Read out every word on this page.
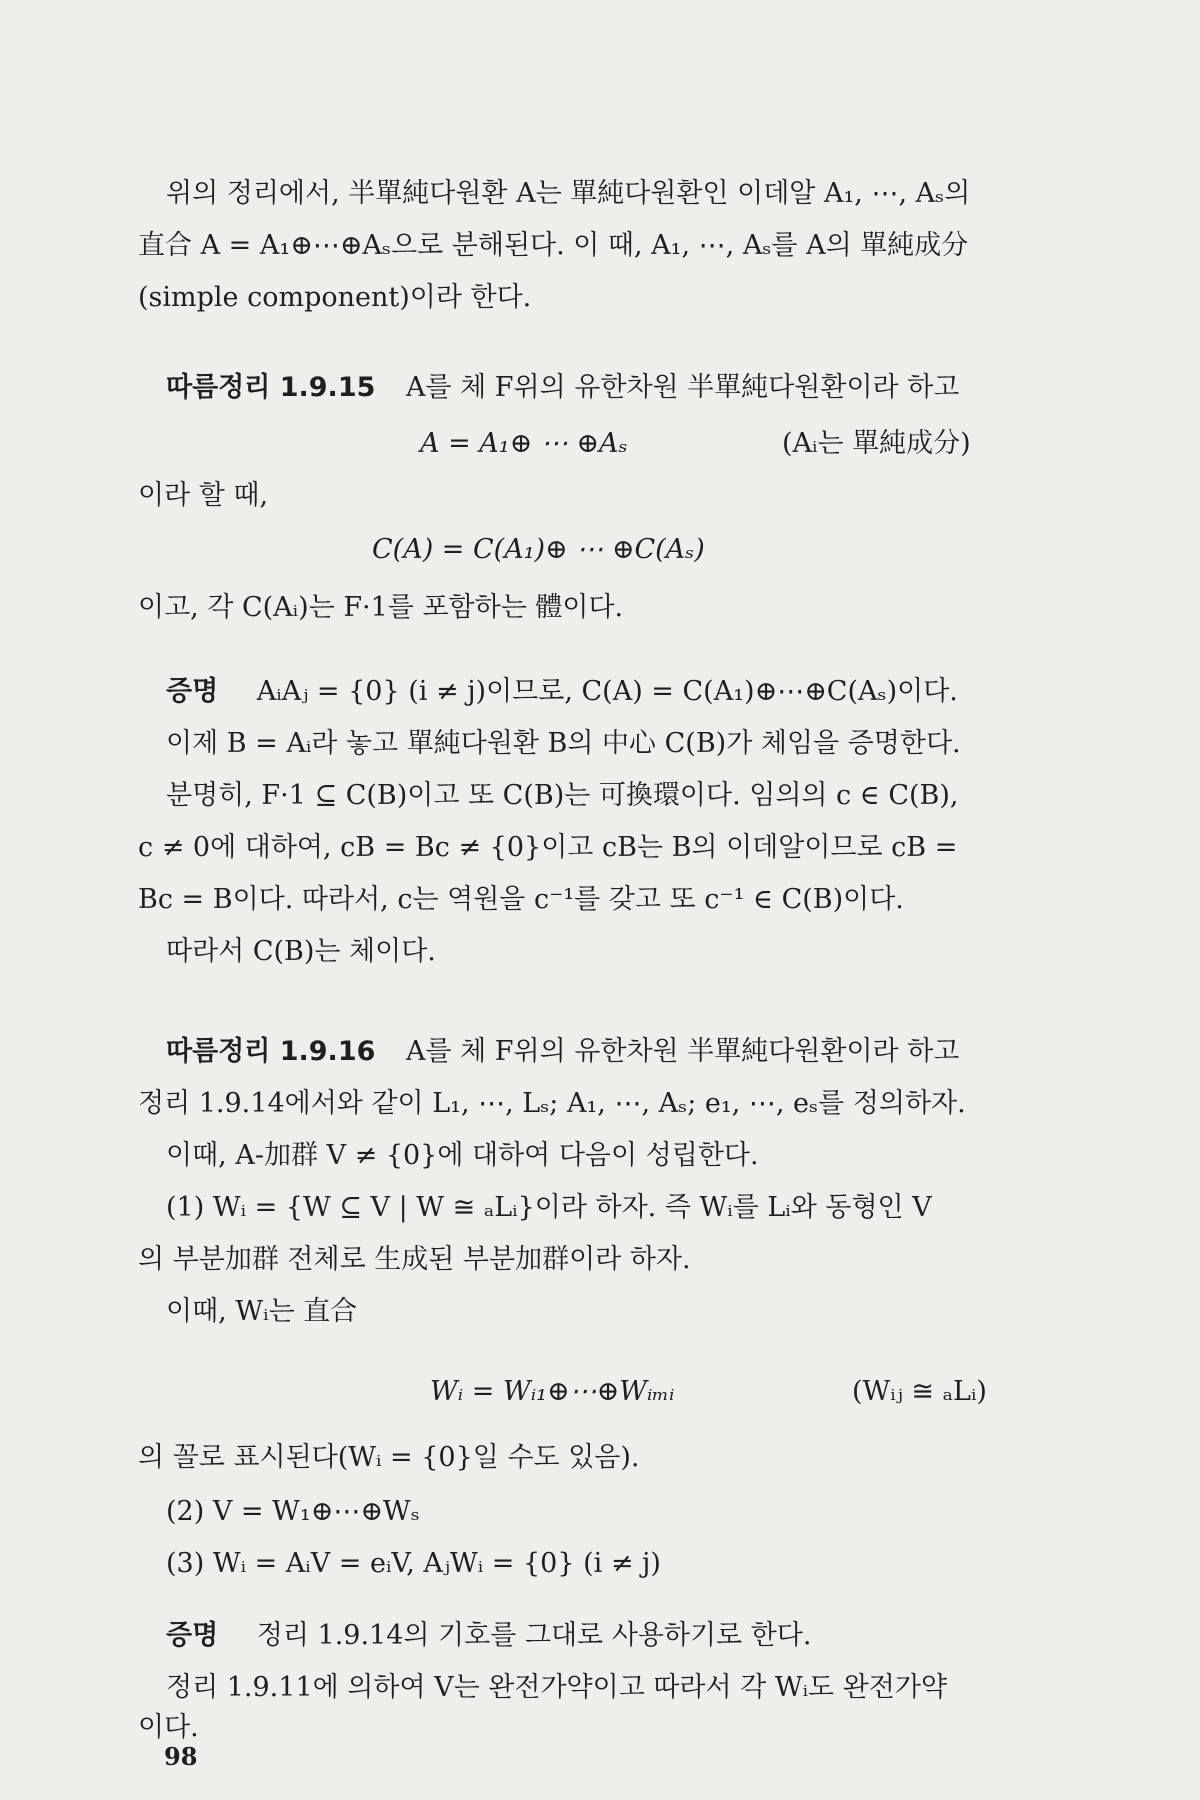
위의 정리에서, 半單純다원환 A는 單純다원환인 이데알 A₁, ⋯, Aₛ의
直合 A = A₁⊕⋯⊕Aₛ으로 분해된다. 이 때, A₁, ⋯, Aₛ를 A의 單純成分
(simple component)이라 한다.
따름정리 1.9.15 A를 체 F위의 유한차원 半單純다원환이라 하고
A = A₁⊕ ⋯ ⊕Aₛ	(Aᵢ는 單純成分)
이라 할 때,
C(A) = C(A₁)⊕ ⋯ ⊕C(Aₛ)
이고, 각 C(Aᵢ)는 F·1를 포함하는 體이다.
증명 AᵢAⱼ = {0} (i ≠ j)이므로, C(A) = C(A₁)⊕⋯⊕C(Aₛ)이다.
이제 B = Aᵢ라 놓고 單純다원환 B의 中心 C(B)가 체임을 증명한다.
분명히, F·1 ⊆ C(B)이고 또 C(B)는 可換環이다. 임의의 c ∈ C(B),
c ≠ 0에 대하여, cB = Bc ≠ {0}이고 cB는 B의 이데알이므로 cB =
Bc = B이다. 따라서, c는 역원을 c⁻¹를 갖고 또 c⁻¹ ∈ C(B)이다.
따라서 C(B)는 체이다.
따름정리 1.9.16 A를 체 F위의 유한차원 半單純다원환이라 하고
정리 1.9.14에서와 같이 L₁, ⋯, Lₛ; A₁, ⋯, Aₛ; e₁, ⋯, eₛ를 정의하자.
이때, A-加群 V ≠ {0}에 대하여 다음이 성립한다.
(1) Wᵢ = {W ⊆ V | W ≅ ₐLᵢ}이라 하자. 즉 Wᵢ를 Lᵢ와 동형인 V
의 부분加群 전체로 生成된 부분加群이라 하자.
이때, Wᵢ는 直合
Wᵢ = Wᵢ₁⊕⋯⊕Wᵢₘᵢ	(Wᵢⱼ ≅ ₐLᵢ)
의 꼴로 표시된다(Wᵢ = {0}일 수도 있음).
(2) V = W₁⊕⋯⊕Wₛ
(3) Wᵢ = AᵢV = eᵢV, AⱼWᵢ = {0} (i ≠ j)
증명 정리 1.9.14의 기호를 그대로 사용하기로 한다.
정리 1.9.11에 의하여 V는 완전가약이고 따라서 각 Wᵢ도 완전가약
이다.
98
